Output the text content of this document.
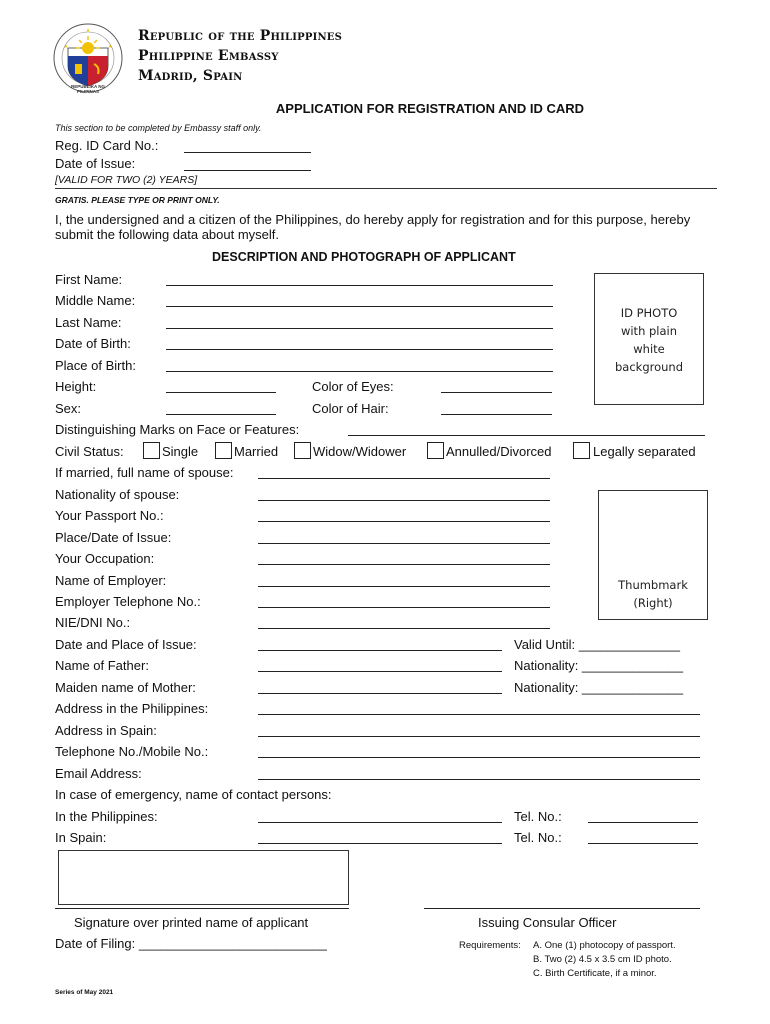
REPUBLIKA NG PILIPINAS
Republic of the Philippines
Philippine Embassy
Madrid, Spain
APPLICATION FOR REGISTRATION AND ID CARD
This section to be completed by Embassy staff only.
Reg. ID Card No.:
Date of Issue:
[VALID FOR TWO (2) YEARS]
GRATIS. PLEASE TYPE OR PRINT ONLY.
I, the undersigned and a citizen of the Philippines, do hereby apply for registration and for this purpose, hereby submit the following data about myself.
DESCRIPTION AND PHOTOGRAPH OF APPLICANT
ID PHOTO
with plain
white
background
Thumbmark
(Right)
First Name:
Middle Name:
Last Name:
Date of Birth:
Place of Birth:
Height:	Color of Eyes:
Sex:	Color of Hair:
Distinguishing Marks on Face or Features:
Civil Status:	Single	Married	Widow/Widower	Annulled/Divorced	Legally separated
If married, full name of spouse:
Nationality of spouse:
Your Passport No.:
Place/Date of Issue:
Your Occupation:
Name of Employer:
Employer Telephone No.:
NIE/DNI No.:
Date and Place of Issue:	Valid Until: ______________
Name of Father:	Nationality: ______________
Maiden name of Mother:	Nationality: ______________
Address in the Philippines:
Address in Spain:
Telephone No./Mobile No.:
Email Address:
In case of emergency, name of contact persons:
In the Philippines:	Tel. No.:
In Spain:	Tel. No.:
Signature over printed name of applicant	Issuing Consular Officer
Date of Filing: __________________________	Requirements: A. One (1) photocopy of passport.
B. Two (2) 4.5 x 3.5 cm ID photo.
C. Birth Certificate, if a minor.
Series of May 2021
